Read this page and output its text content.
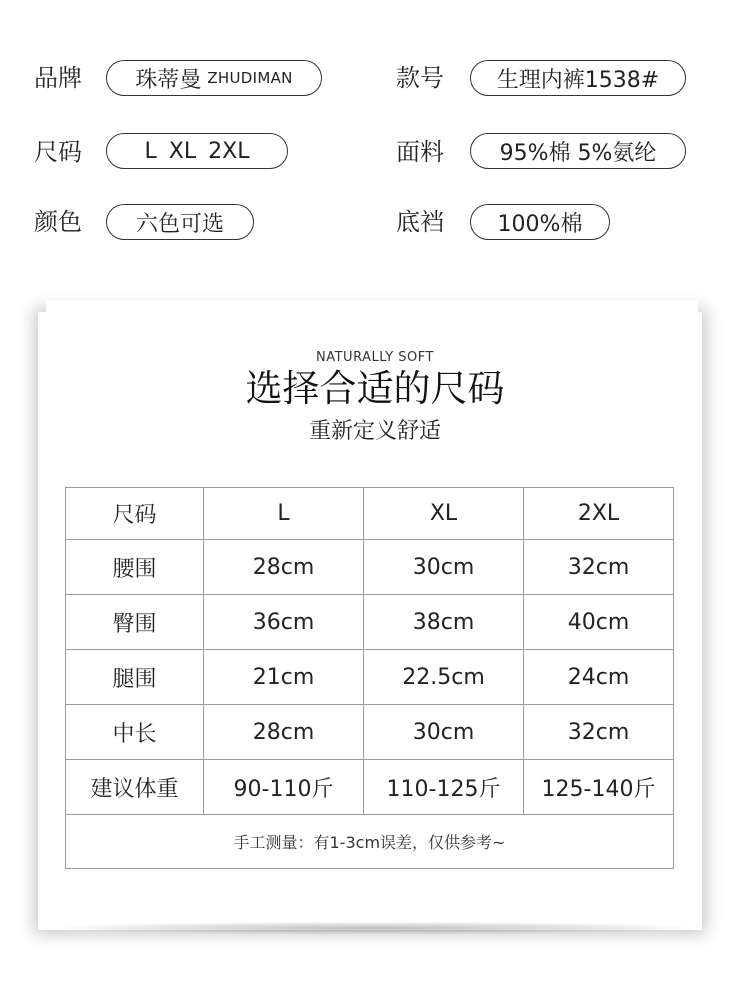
品牌 珠蒂曼 ZHUDIMAN	款号 生理内裤1538#
尺码	L XL 2XL	面料	95%棉 5%氨纶
颜色 六色可选	底裆 100%棉
NATURALLY SOFT
选择合适的尺码
重新定义舒适
尺码	L	XL	2XL
腰围	28cm	30cm	32cm
臀围	36cm	38cm	40cm
腿围	21cm	22.5cm	24cm
中长	28cm	30cm	32cm
建议体重	90-110斤	110-125斤	125-140斤
手工测量：有1-3cm误差，仅供参考~			
